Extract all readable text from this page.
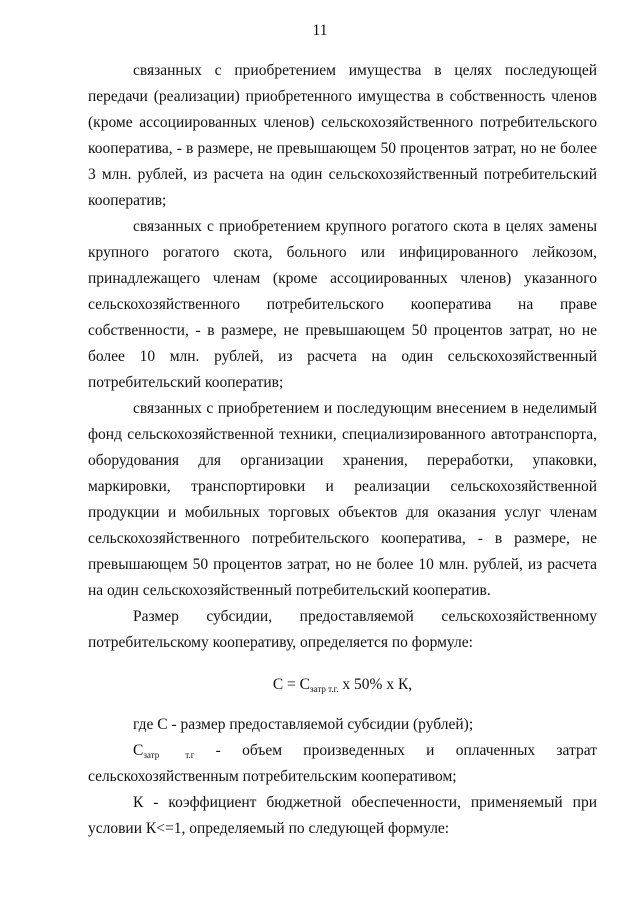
11

связанных с приобретением имущества в целях последующей передачи (реализации) приобретенного имущества в собственность членов (кроме ассоциированных членов) сельскохозяйственного потребительского кооператива, - в размере, не превышающем 50 процентов затрат, но не более 3 млн. рублей, из расчета на один сельскохозяйственный потребительский кооператив;

связанных с приобретением крупного рогатого скота в целях замены крупного рогатого скота, больного или инфицированного лейкозом, принадлежащего членам (кроме ассоциированных членов) указанного сельскохозяйственного потребительского кооператива на праве собственности, - в размере, не превышающем 50 процентов затрат, но не более 10 млн. рублей, из расчета на один сельскохозяйственный потребительский кооператив;

связанных с приобретением и последующим внесением в неделимый фонд сельскохозяйственной техники, специализированного автотранспорта, оборудования для организации хранения, переработки, упаковки, маркировки, транспортировки и реализации сельскохозяйственной продукции и мобильных торговых объектов для оказания услуг членам сельскохозяйственного потребительского кооператива, - в размере, не превышающем 50 процентов затрат, но не более 10 млн. рублей, из расчета на один сельскохозяйственный потребительский кооператив.

Размер субсидии, предоставляемой сельскохозяйственному потребительскому кооперативу, определяется по формуле:

$С = С_{затр т.г.}$ х 50% х К,

где С - размер предоставляемой субсидии (рублей);

$С_{затр}$	$_{т.г}$ - объем произведенных и оплаченных затрат сельскохозяйственным потребительским кооперативом;

К - коэффициент бюджетной обеспеченности, применяемый при условии К<=1, определяемый по следующей формуле:
